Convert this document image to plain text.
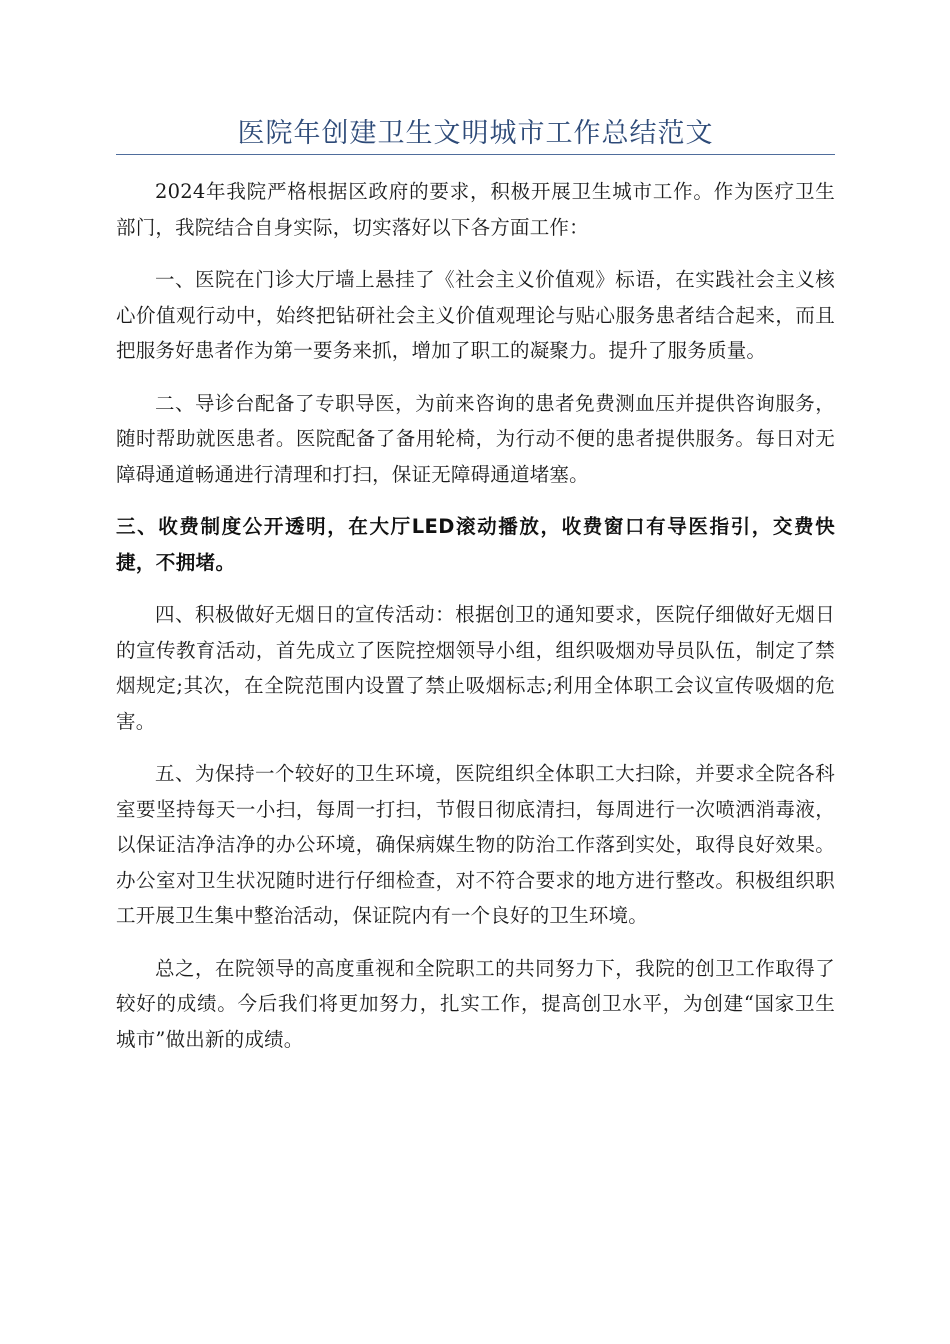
医院年创建卫生文明城市工作总结范文

2024年我院严格根据区政府的要求，积极开展卫生城市工作。作为医疗卫生部门，我院结合自身实际，切实落好以下各方面工作：

一、医院在门诊大厅墙上悬挂了《社会主义价值观》标语，在实践社会主义核心价值观行动中，始终把钻研社会主义价值观理论与贴心服务患者结合起来，而且把服务好患者作为第一要务来抓，增加了职工的凝聚力。提升了服务质量。

二、导诊台配备了专职导医，为前来咨询的患者免费测血压并提供咨询服务，随时帮助就医患者。医院配备了备用轮椅，为行动不便的患者提供服务。每日对无障碍通道畅通进行清理和打扫，保证无障碍通道堵塞。

三、收费制度公开透明，在大厅LED滚动播放，收费窗口有导医指引，交费快捷，不拥堵。

四、积极做好无烟日的宣传活动：根据创卫的通知要求，医院仔细做好无烟日的宣传教育活动，首先成立了医院控烟领导小组，组织吸烟劝导员队伍，制定了禁烟规定;其次，在全院范围内设置了禁止吸烟标志;利用全体职工会议宣传吸烟的危害。

五、为保持一个较好的卫生环境，医院组织全体职工大扫除，并要求全院各科室要坚持每天一小扫，每周一打扫，节假日彻底清扫，每周进行一次喷洒消毒液，以保证洁净洁净的办公环境，确保病媒生物的防治工作落到实处，取得良好效果。办公室对卫生状况随时进行仔细检查，对不符合要求的地方进行整改。积极组织职工开展卫生集中整治活动，保证院内有一个良好的卫生环境。

总之，在院领导的高度重视和全院职工的共同努力下，我院的创卫工作取得了较好的成绩。今后我们将更加努力，扎实工作，提高创卫水平，为创建“国家卫生城市”做出新的成绩。
